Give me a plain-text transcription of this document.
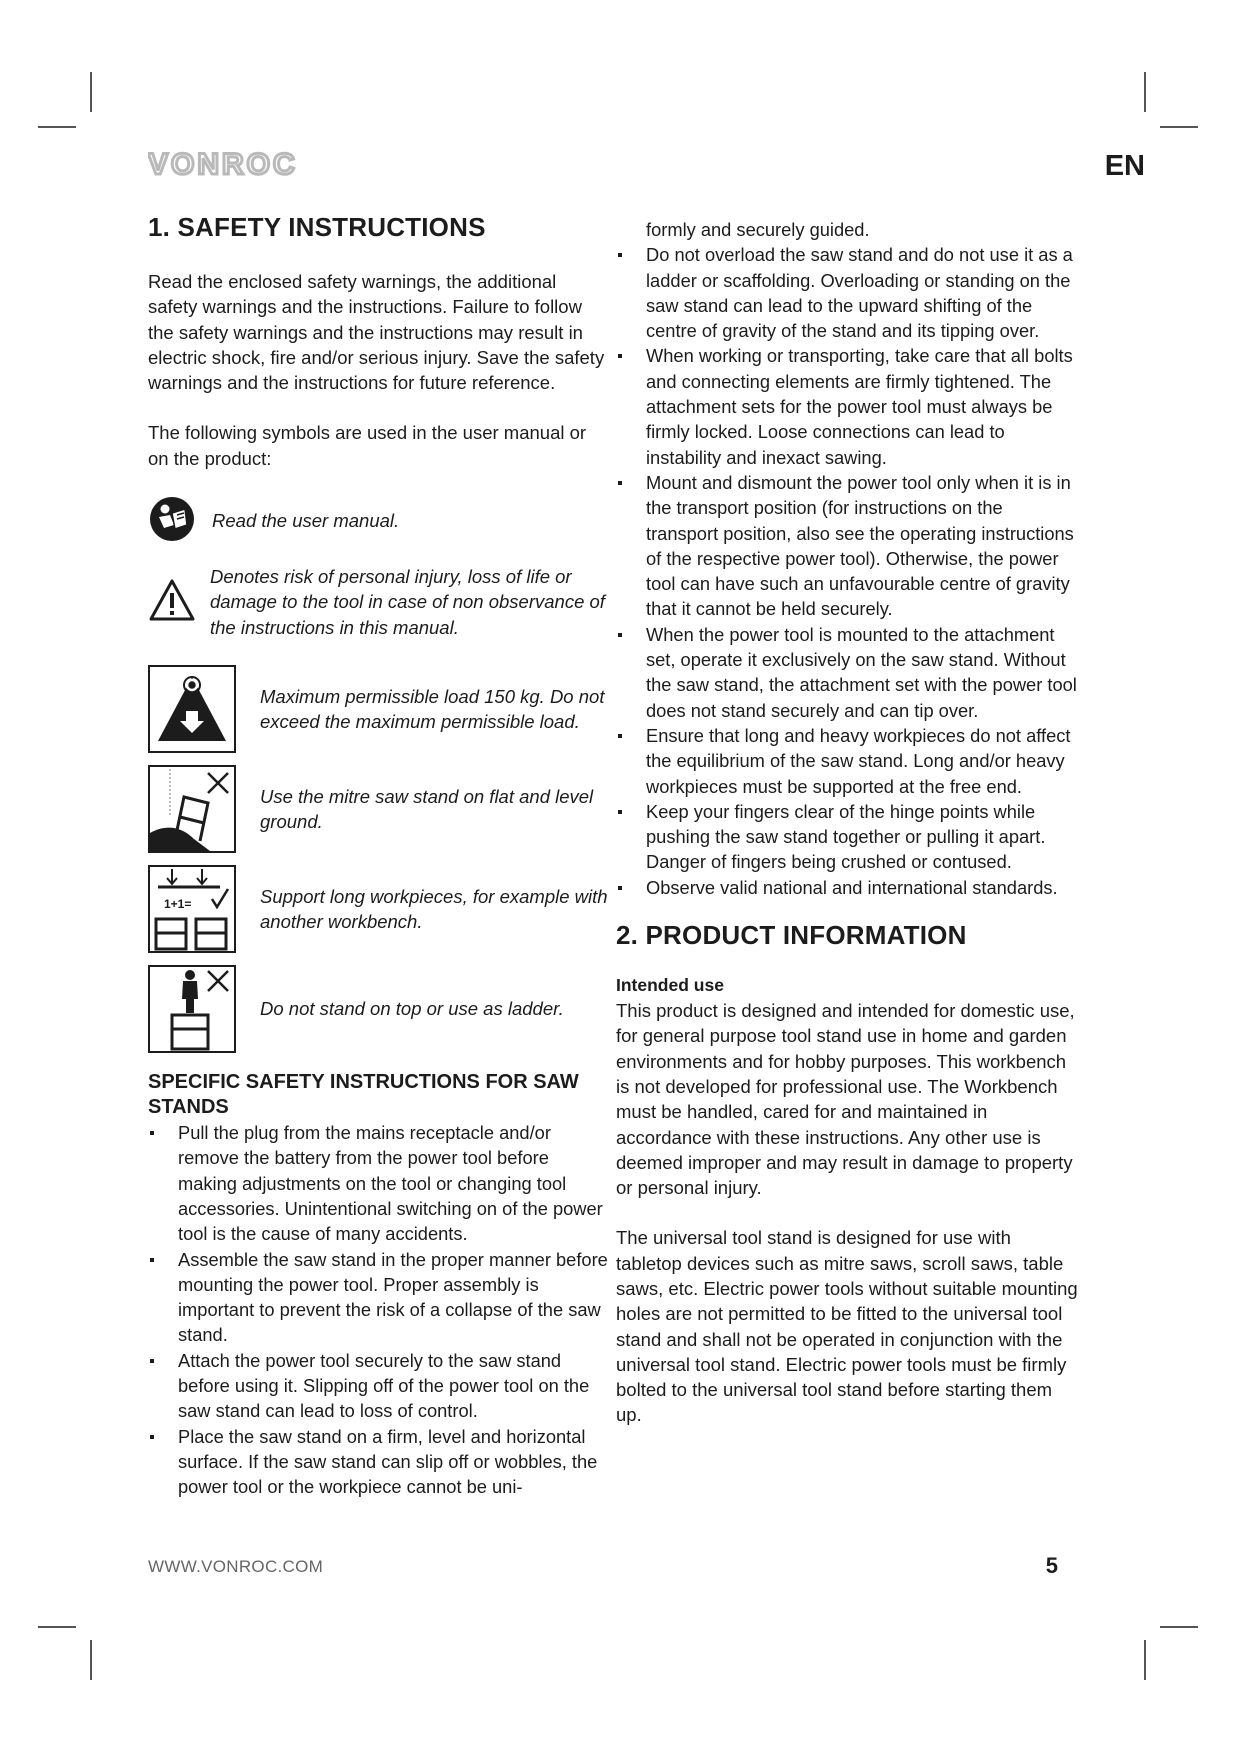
VONROC	EN
1. SAFETY INSTRUCTIONS

Read the enclosed safety warnings, the additional safety warnings and the instructions. Failure to follow the safety warnings and the instructions may result in electric shock, fire and/or serious injury. Save the safety warnings and the instructions for future reference.

The following symbols are used in the user manual or on the product:

Read the user manual.
Denotes risk of personal injury, loss of life or damage to the tool in case of non observance of the instructions in this manual.
Maximum permissible load 150 kg. Do not exceed the maximum permissible load.
Use the mitre saw stand on flat and level ground.
1+1=	Support long workpieces, for example with another workbench.
Do not stand on top or use as ladder.
SPECIFIC SAFETY INSTRUCTIONS FOR SAW STANDS
Pull the plug from the mains receptacle and/or remove the battery from the power tool before making adjustments on the tool or changing tool accessories. Unintentional switching on of the power tool is the cause of many accidents.
Assemble the saw stand in the proper manner before mounting the power tool. Proper assembly is important to prevent the risk of a collapse of the saw stand.
Attach the power tool securely to the saw stand before using it. Slipping off of the power tool on the saw stand can lead to loss of control.
Place the saw stand on a firm, level and horizontal surface. If the saw stand can slip off or wobbles, the power tool or the workpiece cannot be uni-
formly and securely guided.
Do not overload the saw stand and do not use it as a ladder or scaffolding. Overloading or standing on the saw stand can lead to the upward shifting of the centre of gravity of the stand and its tipping over.
When working or transporting, take care that all bolts and connecting elements are firmly tightened. The attachment sets for the power tool must always be firmly locked. Loose connections can lead to instability and inexact sawing.
Mount and dismount the power tool only when it is in the transport position (for instructions on the transport position, also see the operating instructions of the respective power tool). Otherwise, the power tool can have such an unfavourable centre of gravity that it cannot be held securely.
When the power tool is mounted to the attachment set, operate it exclusively on the saw stand. Without the saw stand, the attachment set with the power tool does not stand securely and can tip over.
Ensure that long and heavy workpieces do not affect the equilibrium of the saw stand. Long and/or heavy workpieces must be supported at the free end.
Keep your fingers clear of the hinge points while pushing the saw stand together or pulling it apart. Danger of fingers being crushed or contused.
Observe valid national and international standards.
2. PRODUCT INFORMATION
Intended use

This product is designed and intended for domestic use, for general purpose tool stand use in home and garden environments and for hobby purposes. This workbench is not developed for professional use. The Workbench must be handled, cared for and maintained in accordance with these instructions. Any other use is deemed improper and may result in damage to property or personal injury.

The universal tool stand is designed for use with tabletop devices such as mitre saws, scroll saws, table saws, etc. Electric power tools without suitable mounting holes are not permitted to be fitted to the universal tool stand and shall not be operated in conjunction with the universal tool stand. Electric power tools must be firmly bolted to the universal tool stand before starting them up.

WWW.VONROC.COM	5
